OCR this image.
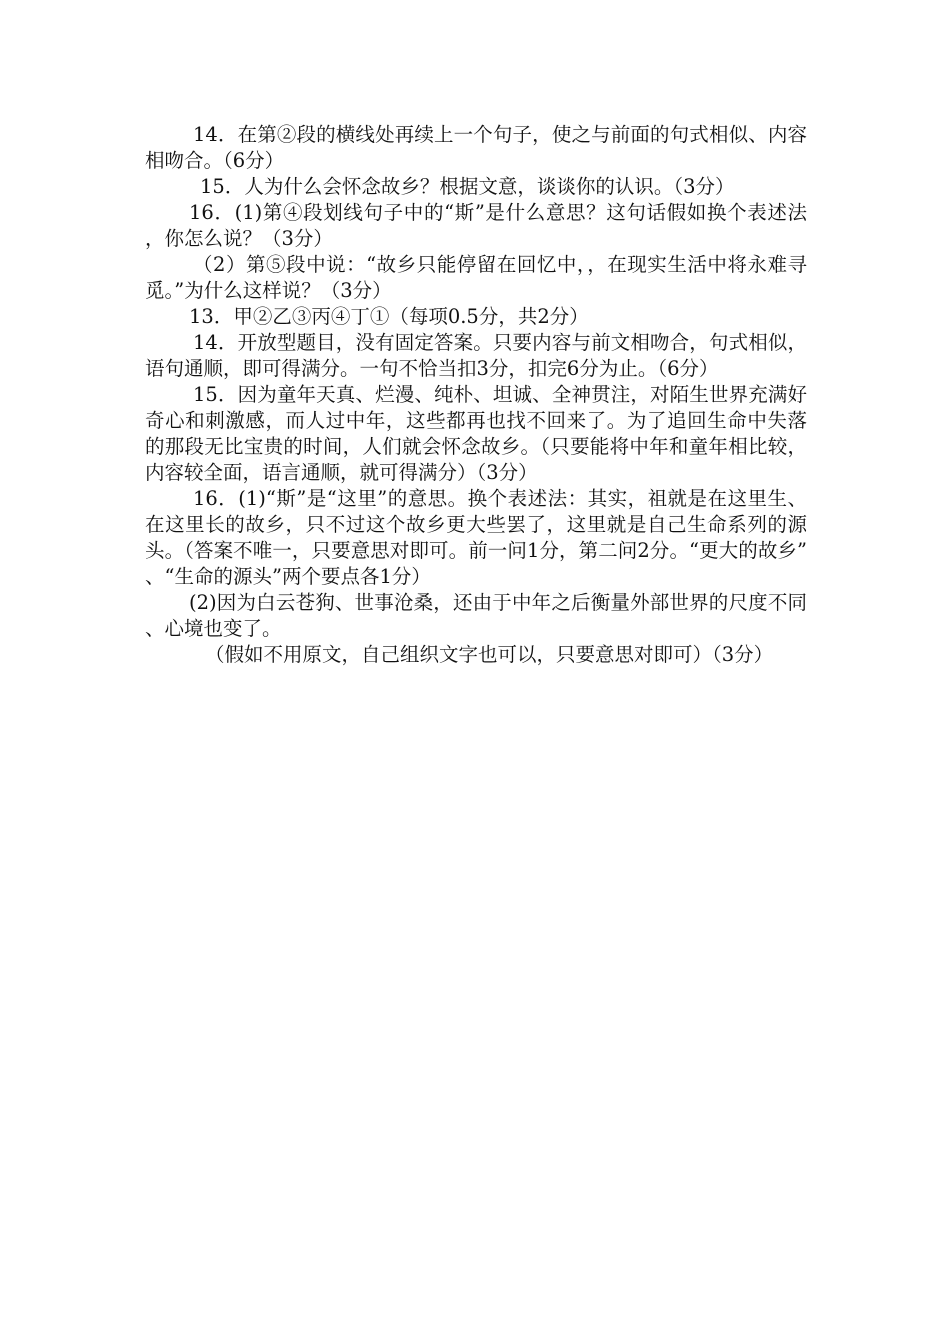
14．在第②段的横线处再续上一个句子，使之与前面的句式相似、内容相吻合。（6分）

15．人为什么会怀念故乡？根据文意，谈谈你的认识。（3分）

16．(1)第④段划线句子中的“斯”是什么意思？这句话假如换个表述法，你怎么说？（3分）

（2）第⑤段中说：“故乡只能停留在回忆中，，在现实生活中将永难寻觅。”为什么这样说？（3分）

13．甲②乙③丙④丁①（每项0.5分，共2分）

14．开放型题目，没有固定答案。只要内容与前文相吻合，句式相似，语句通顺，即可得满分。一句不恰当扣3分，扣完6分为止。（6分）

15．因为童年天真、烂漫、纯朴、坦诚、全神贯注，对陌生世界充满好奇心和刺激感，而人过中年，这些都再也找不回来了。为了追回生命中失落的那段无比宝贵的时间，人们就会怀念故乡。（只要能将中年和童年相比较，内容较全面，语言通顺，就可得满分）（3分）

16．(1)“斯”是“这里”的意思。换个表述法：其实，祖就是在这里生、在这里长的故乡，只不过这个故乡更大些罢了，这里就是自己生命系列的源头。（答案不唯一，只要意思对即可。前一问1分，第二问2分。“更大的故乡”、“生命的源头”两个要点各1分）

(2)因为白云苍狗、世事沧桑，还由于中年之后衡量外部世界的尺度不同、心境也变了。

（假如不用原文，自己组织文字也可以，只要意思对即可）（3分）
